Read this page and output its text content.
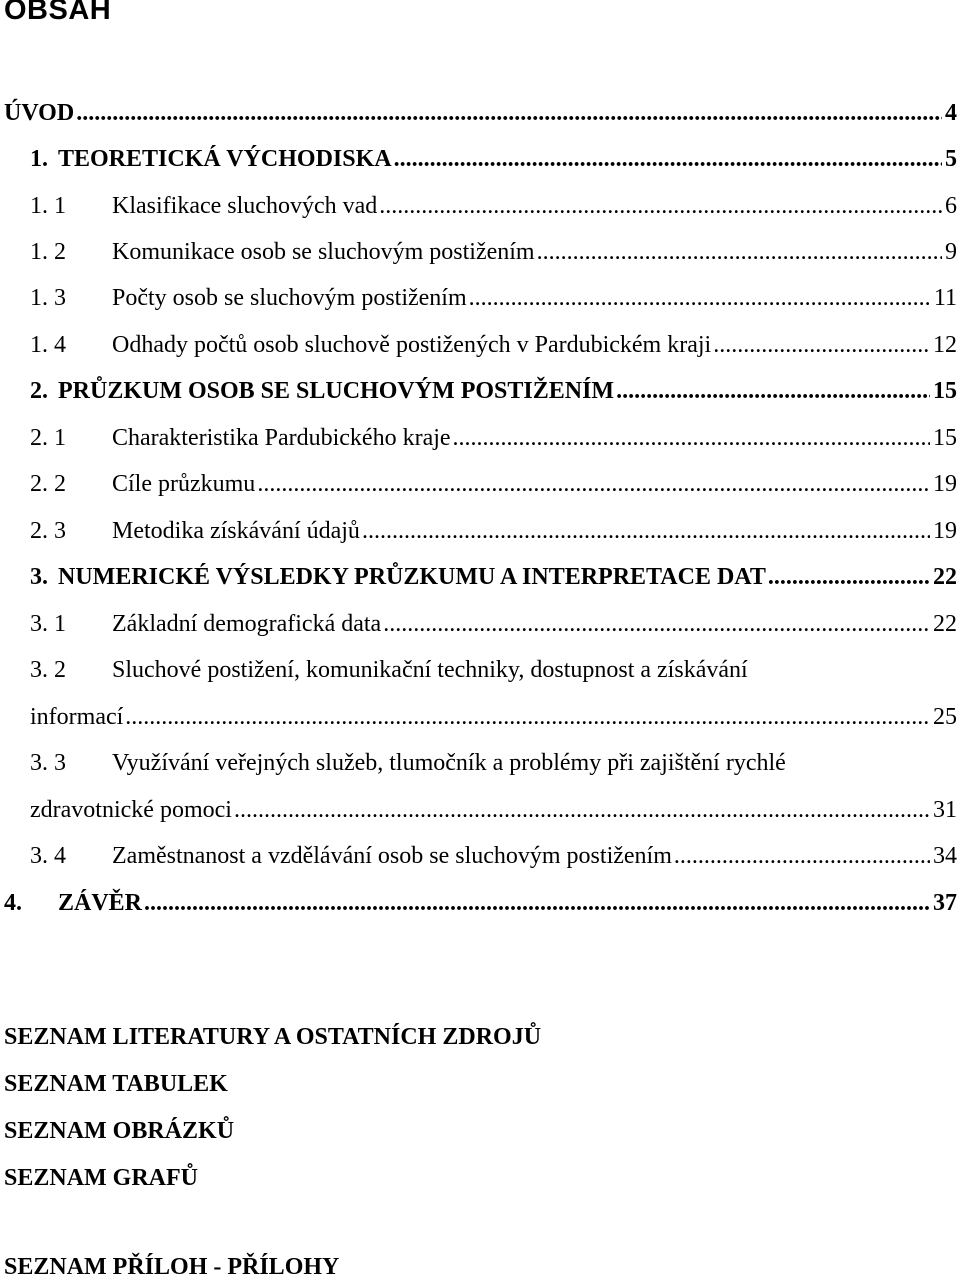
OBSAH
ÚVOD .....	4
1. TEORETICKÁ VÝCHODISKA .....	5
1. 1	Klasifikace sluchových vad .....	6
1. 2	Komunikace osob se sluchovým postižením .....	9
1. 3	Počty osob se sluchovým postižením .....	11
1. 4	Odhady počtů osob sluchově postižených v Pardubickém kraji .....	12
2. PRŮZKUM OSOB SE SLUCHOVÝM POSTIŽENÍM .....	15
2. 1	Charakteristika Pardubického kraje .....	15
2. 2	Cíle průzkumu .....	19
2. 3	Metodika získávání údajů .....	19
3. NUMERICKÉ VÝSLEDKY PRŮZKUMU A INTERPRETACE DAT .....	22
3. 1	Základní demografická data .....	22
3. 2 Sluchové postižení, komunikační techniky, dostupnost a získávání
informací .....	25
3. 3 Využívání veřejných služeb, tlumočník a problémy při zajištění rychlé
zdravotnické pomoci .....	31
3. 4	Zaměstnanost a vzdělávání osob se sluchovým postižením .....	34
4.	ZÁVĚR .....	37
SEZNAM LITERATURY A OSTATNÍCH ZDROJŮ
SEZNAM TABULEK
SEZNAM OBRÁZKŮ
SEZNAM GRAFŮ
SEZNAM PŘÍLOH - PŘÍLOHY
